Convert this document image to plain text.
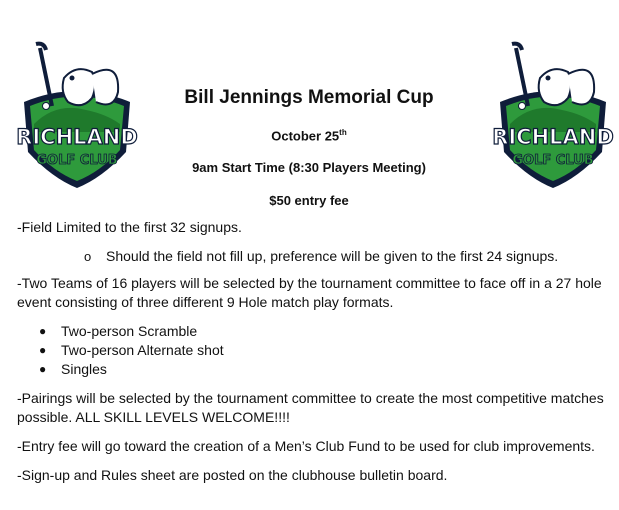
RICHLAND
GOLF CLUB
RICHLAND
GOLF CLUB
Bill Jennings Memorial Cup
October 25th
9am Start Time (8:30 Players Meeting)
$50 entry fee

-Field Limited to the first 32 signups.

o	Should the field not fill up, preference will be given to the first 24 signups.

-Two Teams of 16 players will be selected by the tournament committee to face off in a 27 hole event consisting of three different 9 Hole match play formats.

●	Two-person Scramble
●	Two-person Alternate shot
●	Singles

-Pairings will be selected by the tournament committee to create the most competitive matches possible. ALL SKILL LEVELS WELCOME!!!!

-Entry fee will go toward the creation of a Men’s Club Fund to be used for club improvements.

-Sign-up and Rules sheet are posted on the clubhouse bulletin board.
